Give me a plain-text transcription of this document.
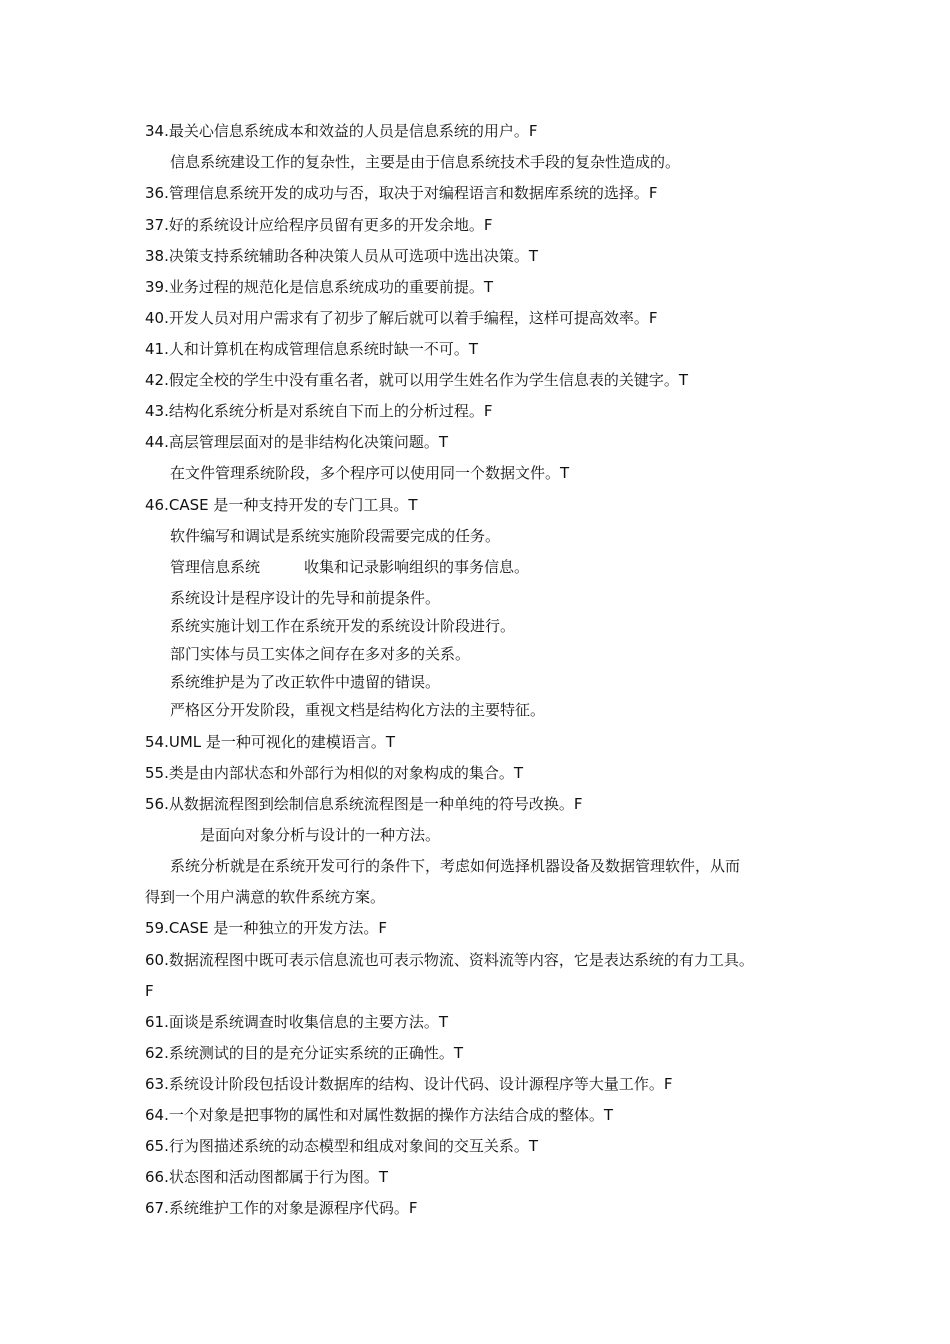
34.最关心信息系统成本和效益的人员是信息系统的用户。F
信息系统建设工作的复杂性，主要是由于信息系统技术手段的复杂性造成的。
36.管理信息系统开发的成功与否，取决于对编程语言和数据库系统的选择。F
37.好的系统设计应给程序员留有更多的开发余地。F
38.决策支持系统辅助各种决策人员从可选项中选出决策。T
39.业务过程的规范化是信息系统成功的重要前提。T
40.开发人员对用户需求有了初步了解后就可以着手编程，这样可提高效率。F
41.人和计算机在构成管理信息系统时缺一不可。T
42.假定全校的学生中没有重名者，就可以用学生姓名作为学生信息表的关键字。T
43.结构化系统分析是对系统自下而上的分析过程。F
44.高层管理层面对的是非结构化决策问题。T
在文件管理系统阶段，多个程序可以使用同一个数据文件。T
46.CASE 是一种支持开发的专门工具。T
软件编写和调试是系统实施阶段需要完成的任务。
管理信息系统	收集和记录影响组织的事务信息。
系统设计是程序设计的先导和前提条件。
系统实施计划工作在系统开发的系统设计阶段进行。
部门实体与员工实体之间存在多对多的关系。
系统维护是为了改正软件中遗留的错误。
严格区分开发阶段，重视文档是结构化方法的主要特征。
54.UML 是一种可视化的建模语言。T
55.类是由内部状态和外部行为相似的对象构成的集合。T
56.从数据流程图到绘制信息系统流程图是一种单纯的符号改换。F
是面向对象分析与设计的一种方法。
系统分析就是在系统开发可行的条件下，考虑如何选择机器设备及数据管理软件，从而
得到一个用户满意的软件系统方案。
59.CASE 是一种独立的开发方法。F
60.数据流程图中既可表示信息流也可表示物流、资料流等内容，它是表达系统的有力工具。
F
61.面谈是系统调查时收集信息的主要方法。T
62.系统测试的目的是充分证实系统的正确性。T
63.系统设计阶段包括设计数据库的结构、设计代码、设计源程序等大量工作。F
64.一个对象是把事物的属性和对属性数据的操作方法结合成的整体。T
65.行为图描述系统的动态模型和组成对象间的交互关系。T
66.状态图和活动图都属于行为图。T
67.系统维护工作的对象是源程序代码。F
